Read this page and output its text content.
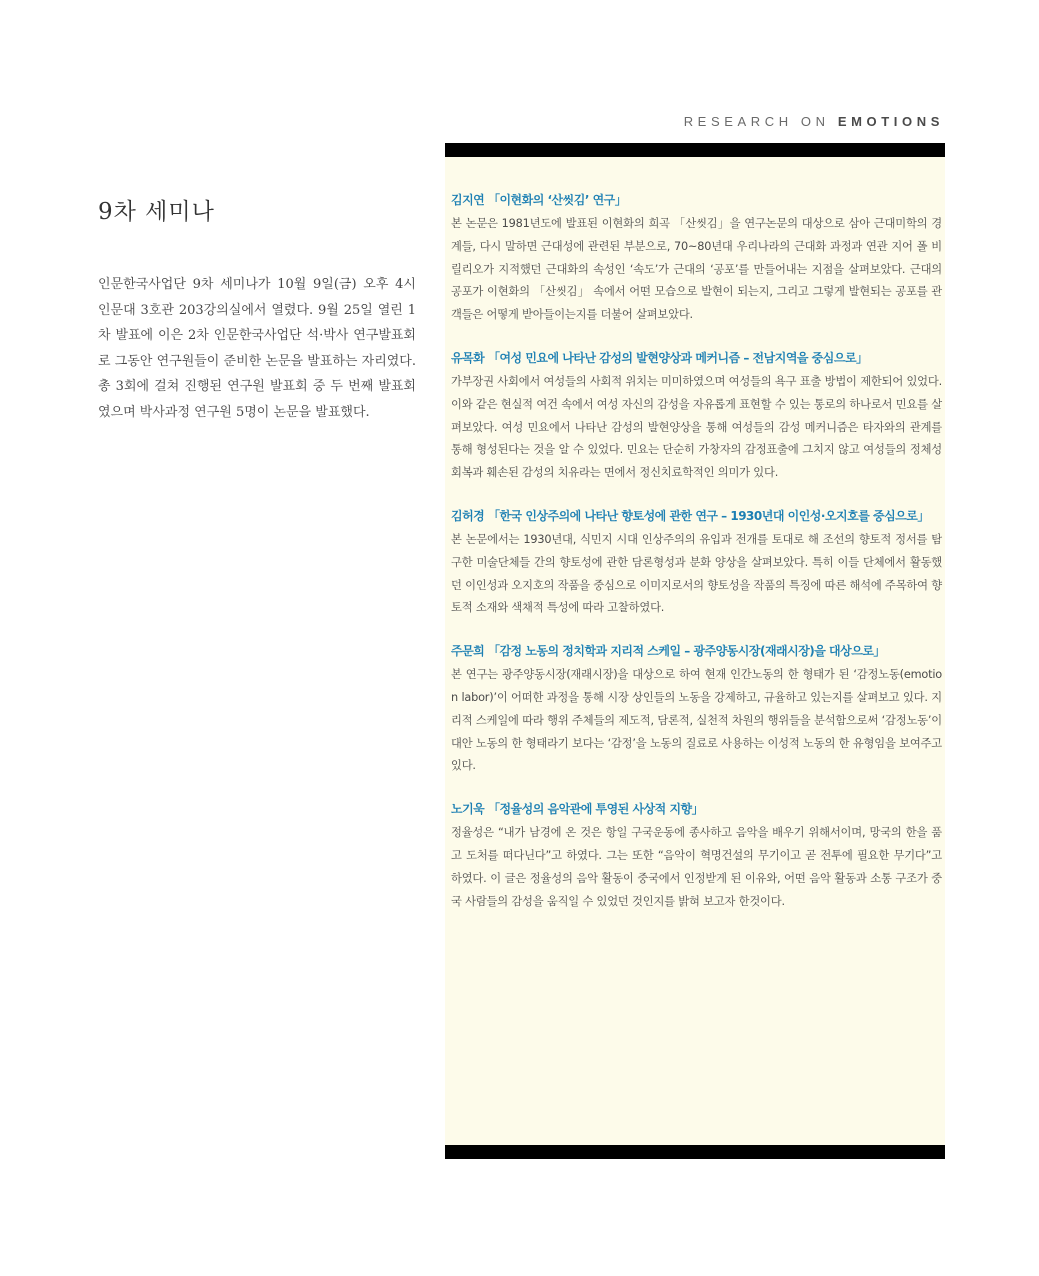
RESEARCH ON EMOTIONS
9차 세미나

인문한국사업단 9차 세미나가 10월 9일(금) 오후 4시 인문대 3호관 203강의실에서 열렸다. 9월 25일 열린 1차 발표에 이은 2차 인문한국사업단 석·박사 연구발표회로 그동안 연구원들이 준비한 논문을 발표하는 자리였다. 총 3회에 걸쳐 진행된 연구원 발표회 중 두 번째 발표회였으며 박사과정 연구원 5명이 논문을 발표했다.

김지연 「이현화의 ‘산씻김’ 연구」

본 논문은 1981년도에 발표된 이현화의 희곡 「산씻김」을 연구논문의 대상으로 삼아 근대미학의 경계들, 다시 말하면 근대성에 관련된 부분으로, 70~80년대 우리나라의 근대화 과정과 연관 지어 폴 비릴리오가 지적했던 근대화의 속성인 ‘속도’가 근대의 ‘공포’를 만들어내는 지점을 살펴보았다. 근대의 공포가 이현화의 「산씻김」 속에서 어떤 모습으로 발현이 되는지, 그리고 그렇게 발현되는 공포를 관객들은 어떻게 받아들이는지를 더불어 살펴보았다.

유목화 「여성 민요에 나타난 감성의 발현양상과 메커니즘 – 전남지역을 중심으로」

가부장권 사회에서 여성들의 사회적 위치는 미미하였으며 여성들의 욕구 표출 방법이 제한되어 있었다. 이와 같은 현실적 여건 속에서 여성 자신의 감성을 자유롭게 표현할 수 있는 통로의 하나로서 민요를 살펴보았다. 여성 민요에서 나타난 감성의 발현양상을 통해 여성들의 감성 메커니즘은 타자와의 관계를 통해 형성된다는 것을 알 수 있었다. 민요는 단순히 가창자의 감정표출에 그치지 않고 여성들의 정체성 회복과 훼손된 감성의 치유라는 면에서 정신치료학적인 의미가 있다.

김허경 「한국 인상주의에 나타난 향토성에 관한 연구 – 1930년대 이인성·오지호를 중심으로」

본 논문에서는 1930년대, 식민지 시대 인상주의의 유입과 전개를 토대로 해 조선의 향토적 정서를 탐구한 미술단체들 간의 향토성에 관한 담론형성과 분화 양상을 살펴보았다. 특히 이들 단체에서 활동했던 이인성과 오지호의 작품을 중심으로 이미지로서의 향토성을 작품의 특징에 따른 해석에 주목하여 향토적 소재와 색채적 특성에 따라 고찰하였다.

주문희 「감정 노동의 정치학과 지리적 스케일 – 광주양동시장(재래시장)을 대상으로」

본 연구는 광주양동시장(재래시장)을 대상으로 하여 현재 인간노동의 한 형태가 된 ‘감정노동(emotion labor)’이 어떠한 과정을 통해 시장 상인들의 노동을 강제하고, 규율하고 있는지를 살펴보고 있다. 지리적 스케일에 따라 행위 주체들의 제도적, 담론적, 실천적 차원의 행위들을 분석함으로써 ‘감정노동’이 대안 노동의 한 형태라기 보다는 ‘감정’을 노동의 질료로 사용하는 이성적 노동의 한 유형임을 보여주고 있다.

노기욱 「정율성의 음악관에 투영된 사상적 지향」

정율성은 “내가 남경에 온 것은 항일 구국운동에 종사하고 음악을 배우기 위해서이며, 망국의 한을 품고 도처를 떠다닌다”고 하였다. 그는 또한 “음악이 혁명건설의 무기이고 곧 전투에 필요한 무기다”고 하였다. 이 글은 정율성의 음악 활동이 중국에서 인정받게 된 이유와, 어떤 음악 활동과 소통 구조가 중국 사람들의 감성을 움직일 수 있었던 것인지를 밝혀 보고자 한것이다.
